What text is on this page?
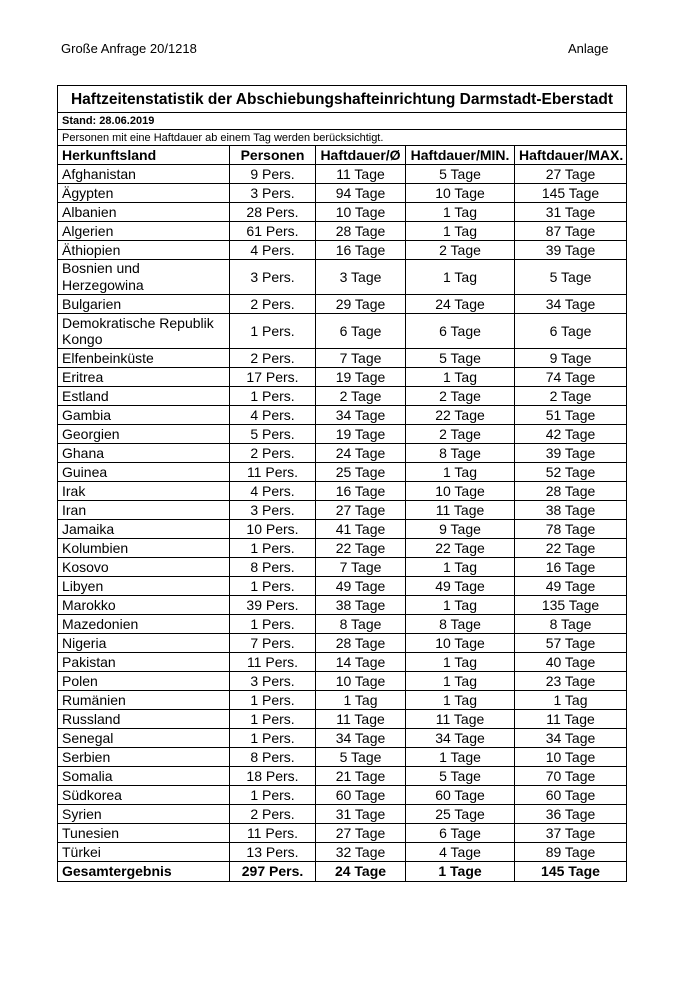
Große Anfrage 20/1218	Anlage
Haftzeitenstatistik der Abschiebungshafteinrichtung Darmstadt-Eberstadt				
Stand: 28.06.2019				
Personen mit eine Haftdauer ab einem Tag werden berücksichtigt.				
Herkunftsland	Personen	Haftdauer/Ø	Haftdauer/MIN.	Haftdauer/MAX.
Afghanistan	9 Pers.	11 Tage	5 Tage	27 Tage
Ägypten	3 Pers.	94 Tage	10 Tage	145 Tage
Albanien	28 Pers.	10 Tage	1 Tag	31 Tage
Algerien	61 Pers.	28 Tage	1 Tag	87 Tage
Äthiopien	4 Pers.	16 Tage	2 Tage	39 Tage
Bosnien und Herzegowina	3 Pers.	3 Tage	1 Tag	5 Tage
Bulgarien	2 Pers.	29 Tage	24 Tage	34 Tage
Demokratische Republik Kongo	1 Pers.	6 Tage	6 Tage	6 Tage
Elfenbeinküste	2 Pers.	7 Tage	5 Tage	9 Tage
Eritrea	17 Pers.	19 Tage	1 Tag	74 Tage
Estland	1 Pers.	2 Tage	2 Tage	2 Tage
Gambia	4 Pers.	34 Tage	22 Tage	51 Tage
Georgien	5 Pers.	19 Tage	2 Tage	42 Tage
Ghana	2 Pers.	24 Tage	8 Tage	39 Tage
Guinea	11 Pers.	25 Tage	1 Tag	52 Tage
Irak	4 Pers.	16 Tage	10 Tage	28 Tage
Iran	3 Pers.	27 Tage	11 Tage	38 Tage
Jamaika	10 Pers.	41 Tage	9 Tage	78 Tage
Kolumbien	1 Pers.	22 Tage	22 Tage	22 Tage
Kosovo	8 Pers.	7 Tage	1 Tag	16 Tage
Libyen	1 Pers.	49 Tage	49 Tage	49 Tage
Marokko	39 Pers.	38 Tage	1 Tag	135 Tage
Mazedonien	1 Pers.	8 Tage	8 Tage	8 Tage
Nigeria	7 Pers.	28 Tage	10 Tage	57 Tage
Pakistan	11 Pers.	14 Tage	1 Tag	40 Tage
Polen	3 Pers.	10 Tage	1 Tag	23 Tage
Rumänien	1 Pers.	1 Tag	1 Tag	1 Tag
Russland	1 Pers.	11 Tage	11 Tage	11 Tage
Senegal	1 Pers.	34 Tage	34 Tage	34 Tage
Serbien	8 Pers.	5 Tage	1 Tage	10 Tage
Somalia	18 Pers.	21 Tage	5 Tage	70 Tage
Südkorea	1 Pers.	60 Tage	60 Tage	60 Tage
Syrien	2 Pers.	31 Tage	25 Tage	36 Tage
Tunesien	11 Pers.	27 Tage	6 Tage	37 Tage
Türkei	13 Pers.	32 Tage	4 Tage	89 Tage
Gesamtergebnis	297 Pers.	24 Tage	1 Tage	145 Tage
